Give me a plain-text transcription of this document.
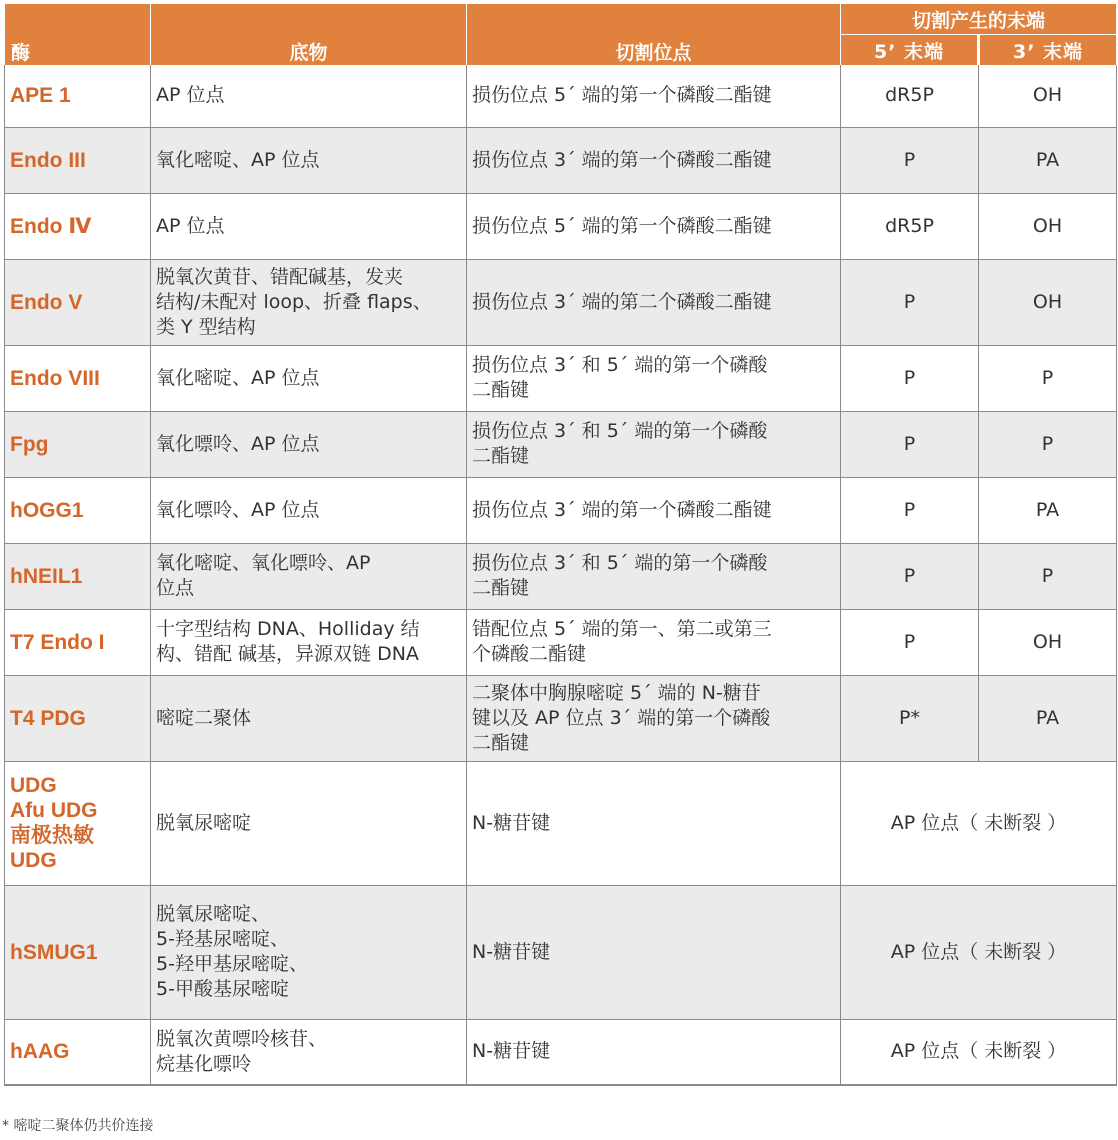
酶	底物	切割位点	切割产生的末端	
			5’ 末端	3’ 末端
APE 1	AP 位点	损伤位点 5´ 端的第一个磷酸二酯键	dR5P	OH
Endo III	氧化嘧啶、AP 位点	损伤位点 3´ 端的第一个磷酸二酯键	P	PA
Endo Ⅳ	AP 位点	损伤位点 5´ 端的第一个磷酸二酯键	dR5P	OH
Endo V	脱氧次黄苷、错配碱基，发夹
结构/未配对 loop、折叠 flaps、
类 Y 型结构	损伤位点 3´ 端的第二个磷酸二酯键	P	OH
Endo VIII	氧化嘧啶、AP 位点	损伤位点 3´ 和 5´ 端的第一个磷酸
二酯键	P	P
Fpg	氧化嘌呤、AP 位点	损伤位点 3´ 和 5´ 端的第一个磷酸
二酯键	P	P
hOGG1	氧化嘌呤、AP 位点	损伤位点 3´ 端的第一个磷酸二酯键	P	PA
hNEIL1	氧化嘧啶、氧化嘌呤、AP
位点	损伤位点 3´ 和 5´ 端的第一个磷酸
二酯键	P	P
T7 Endo I	十字型结构 DNA、Holliday 结
构、错配 碱基，异源双链 DNA	错配位点 5´ 端的第一、第二或第三
个磷酸二酯键	P	OH
T4 PDG	嘧啶二聚体	二聚体中胸腺嘧啶 5´ 端的 N-糖苷
键以及 AP 位点 3´ 端的第一个磷酸
二酯键	P*	PA
UDG
Afu UDG
南极热敏
UDG	脱氧尿嘧啶	N-糖苷键	AP 位点（ 未断裂 ）	
hSMUG1	脱氧尿嘧啶、
5-羟基尿嘧啶、
5-羟甲基尿嘧啶、
5-甲酸基尿嘧啶	N-糖苷键	AP 位点（ 未断裂 ）	
hAAG	脱氧次黄嘌呤核苷、
烷基化嘌呤	N-糖苷键	AP 位点（ 未断裂 ）	
* 嘧啶二聚体仍共价连接
